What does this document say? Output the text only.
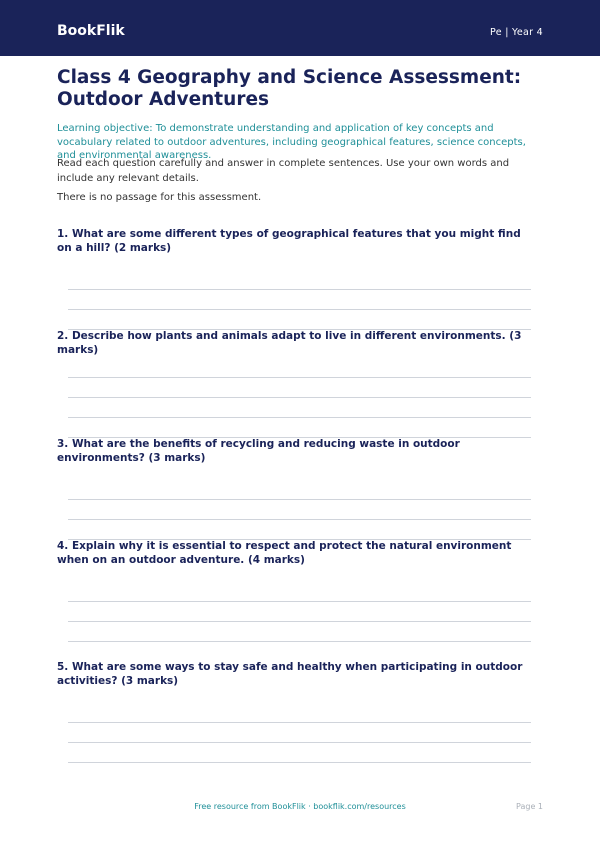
BookFlik	Pe | Year 4
Class 4 Geography and Science Assessment: Outdoor Adventures

Learning objective: To demonstrate understanding and application of key concepts and vocabulary related to outdoor adventures, including geographical features, science concepts, and environmental awareness.

Read each question carefully and answer in complete sentences. Use your own words and include any relevant details.

There is no passage for this assessment.

1. What are some different types of geographical features that you might find on a hill? (2 marks)

2. Describe how plants and animals adapt to live in different environments. (3 marks)

3. What are the benefits of recycling and reducing waste in outdoor environments? (3 marks)

4. Explain why it is essential to respect and protect the natural environment when on an outdoor adventure. (4 marks)

5. What are some ways to stay safe and healthy when participating in outdoor activities? (3 marks)

Free resource from BookFlik · bookflik.com/resources	Page 1
